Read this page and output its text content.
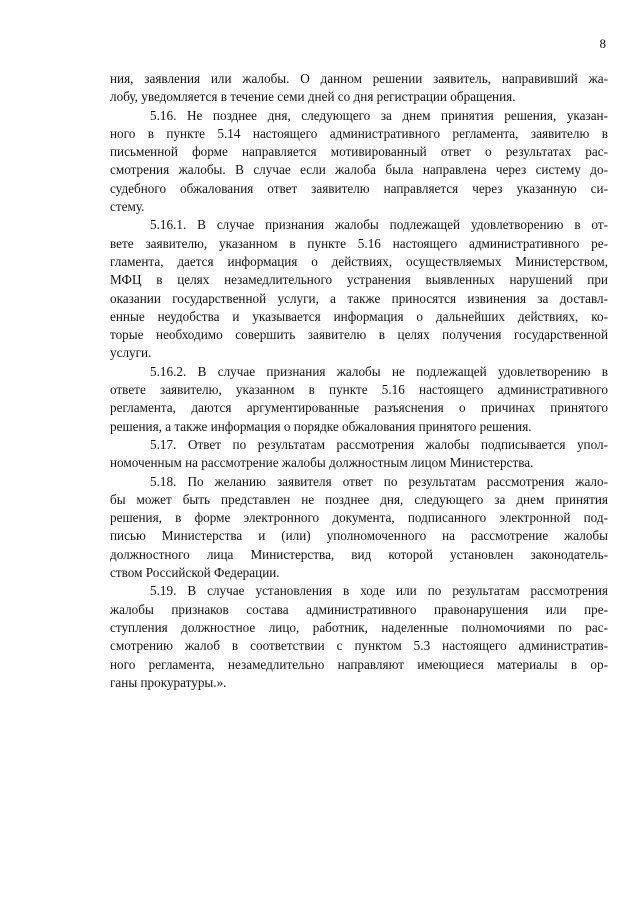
8
ния, заявления или жалобы. О данном решении заявитель, направивший жа-
лобу, уведомляется в течение семи дней со дня регистрации обращения.
5.16. Не позднее дня, следующего за днем принятия решения, указан-
ного в пункте 5.14 настоящего административного регламента, заявителю в
письменной форме направляется мотивированный ответ о результатах рас-
смотрения жалобы. В случае если жалоба была направлена через систему до-
судебного обжалования ответ заявителю направляется через указанную си-
стему.
5.16.1. В случае признания жалобы подлежащей удовлетворению в от-
вете заявителю, указанном в пункте 5.16 настоящего административного ре-
гламента, дается информация о действиях, осуществляемых Министерством,
МФЦ в целях незамедлительного устранения выявленных нарушений при
оказании государственной услуги, а также приносятся извинения за доставл-
енные неудобства и указывается информация о дальнейших действиях, ко-
торые необходимо совершить заявителю в целях получения государственной
услуги.
5.16.2. В случае признания жалобы не подлежащей удовлетворению в
ответе заявителю, указанном в пункте 5.16 настоящего административного
регламента, даются аргументированные разъяснения о причинах принятого
решения, а также информация о порядке обжалования принятого решения.
5.17. Ответ по результатам рассмотрения жалобы подписывается упол-
номоченным на рассмотрение жалобы должностным лицом Министерства.
5.18. По желанию заявителя ответ по результатам рассмотрения жало-
бы может быть представлен не позднее дня, следующего за днем принятия
решения, в форме электронного документа, подписанного электронной под-
писью Министерства и (или) уполномоченного на рассмотрение жалобы
должностного лица Министерства, вид которой установлен законодатель-
ством Российской Федерации.
5.19. В случае установления в ходе или по результатам рассмотрения
жалобы признаков состава административного правонарушения или пре-
ступления должностное лицо, работник, наделенные полномочиями по рас-
смотрению жалоб в соответствии с пунктом 5.3 настоящего административ-
ного регламента, незамедлительно направляют имеющиеся материалы в ор-
ганы прокуратуры.».
